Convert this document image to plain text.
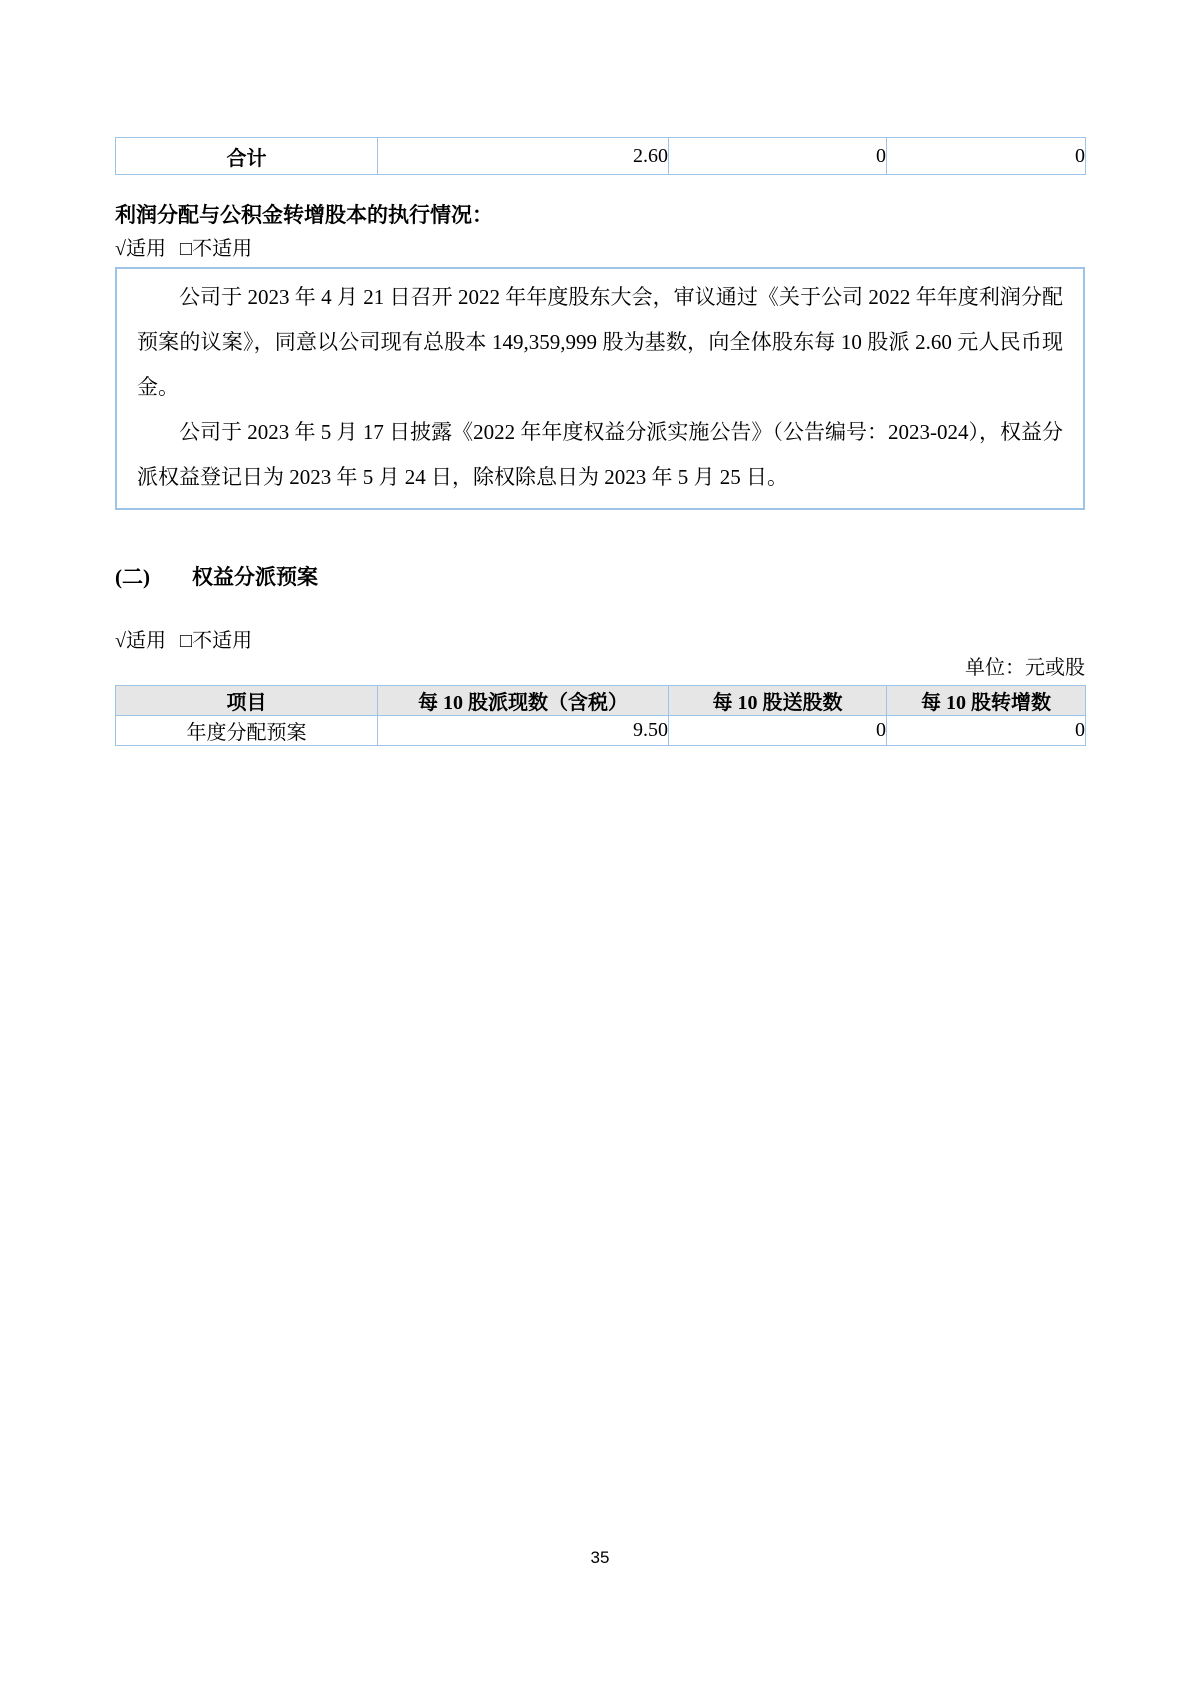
合计	2.60	0	0
利润分配与公积金转增股本的执行情况：
√适用 □不适用

公司于 2023 年 4 月 21 日召开 2022 年年度股东大会，审议通过《关于公司 2022 年年度利润分配预案的议案》，同意以公司现有总股本 149,359,999 股为基数，向全体股东每 10 股派 2.60 元人民币现金。

公司于 2023 年 5 月 17 日披露《2022 年年度权益分派实施公告》（公告编号：2023-024），权益分派权益登记日为 2023 年 5 月 24 日，除权除息日为 2023 年 5 月 25 日。

(二) 权益分派预案
√适用 □不适用
单位：元或股
项目	每 10 股派现数（含税）	每 10 股送股数	每 10 股转增数
年度分配预案	9.50	0	0
35
